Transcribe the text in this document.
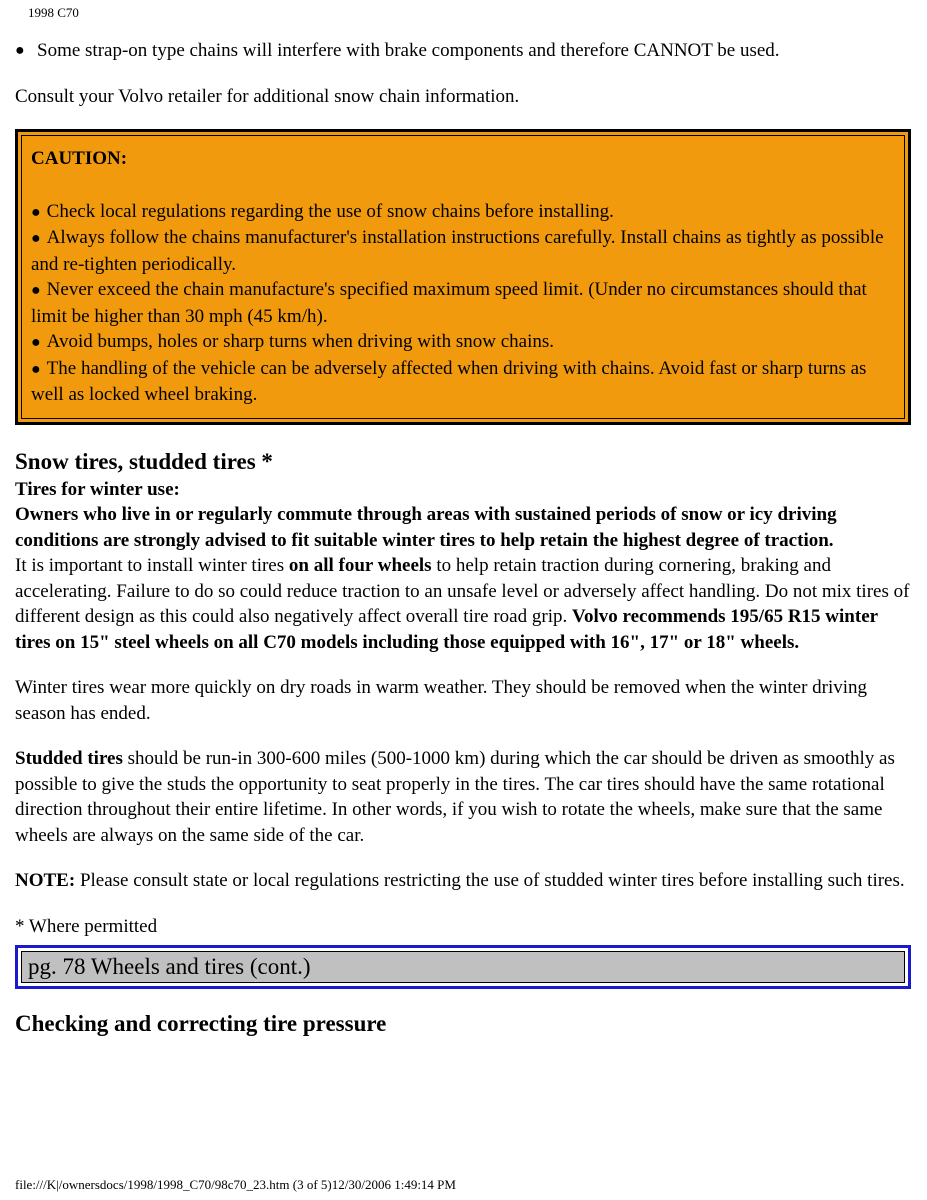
1998 C70
● Some strap-on type chains will interfere with brake components and therefore CANNOT be used.

Consult your Volvo retailer for additional snow chain information.

CAUTION:
● Check local regulations regarding the use of snow chains before installing.
● Always follow the chains manufacturer's installation instructions carefully. Install chains as tightly as possible and re-tighten periodically.
● Never exceed the chain manufacture's specified maximum speed limit. (Under no circumstances should that limit be higher than 30 mph (45 km/h).
● Avoid bumps, holes or sharp turns when driving with snow chains.
● The handling of the vehicle can be adversely affected when driving with chains. Avoid fast or sharp turns as well as locked wheel braking.
Snow tires, studded tires *
Tires for winter use:

Owners who live in or regularly commute through areas with sustained periods of snow or icy driving conditions are strongly advised to fit suitable winter tires to help retain the highest degree of traction.

It is important to install winter tires on all four wheels to help retain traction during cornering, braking and accelerating. Failure to do so could reduce traction to an unsafe level or adversely affect handling. Do not mix tires of different design as this could also negatively affect overall tire road grip. Volvo recommends 195/65 R15 winter tires on 15" steel wheels on all C70 models including those equipped with 16", 17" or 18" wheels.

Winter tires wear more quickly on dry roads in warm weather. They should be removed when the winter driving season has ended.

Studded tires should be run-in 300-600 miles (500-1000 km) during which the car should be driven as smoothly as possible to give the studs the opportunity to seat properly in the tires. The car tires should have the same rotational direction throughout their entire lifetime. In other words, if you wish to rotate the wheels, make sure that the same wheels are always on the same side of the car.

NOTE: Please consult state or local regulations restricting the use of studded winter tires before installing such tires.

* Where permitted

pg. 78 Wheels and tires (cont.)
Checking and correcting tire pressure
file:///K|/ownersdocs/1998/1998_C70/98c70_23.htm (3 of 5)12/30/2006 1:49:14 PM
